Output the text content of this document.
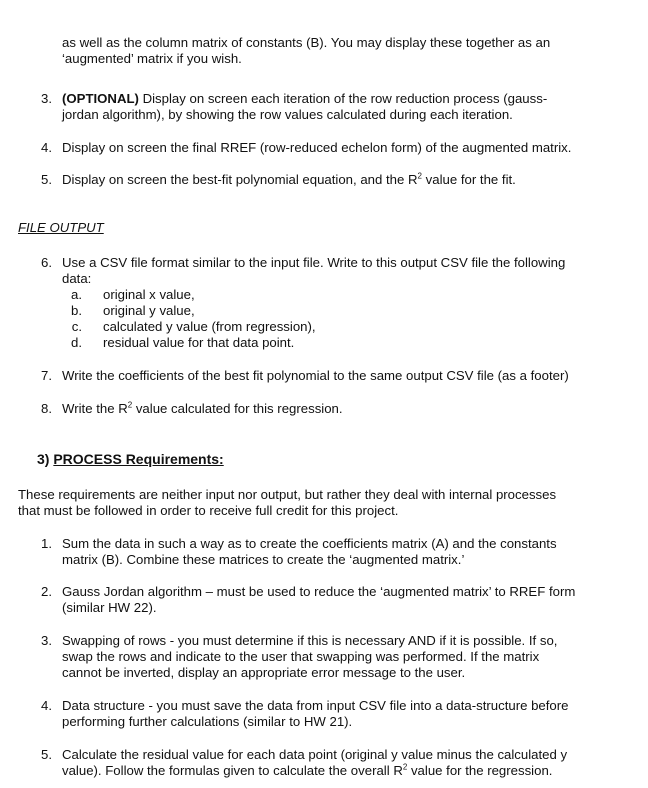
as well as the column matrix of constants (B). You may display these together as an
‘augmented’ matrix if you wish.
3. (OPTIONAL) Display on screen each iteration of the row reduction process (gauss-
jordan algorithm), by showing the row values calculated during each iteration.
4. Display on screen the final RREF (row-reduced echelon form) of the augmented matrix.
5. Display on screen the best-fit polynomial equation, and the $R^2$ value for the fit.
FILE OUTPUT
6. Use a CSV file format similar to the input file. Write to this output CSV file the following
data:
a. original x value,
b. original y value,
c. calculated y value (from regression),
d. residual value for that data point.
7. Write the coefficients of the best fit polynomial to the same output CSV file (as a footer)
8. Write the $R^2$ value calculated for this regression.
3) PROCESS Requirements:
These requirements are neither input nor output, but rather they deal with internal processes
that must be followed in order to receive full credit for this project.
1. Sum the data in such a way as to create the coefficients matrix (A) and the constants
matrix (B). Combine these matrices to create the ‘augmented matrix.’
2. Gauss Jordan algorithm – must be used to reduce the ‘augmented matrix’ to RREF form
(similar HW 22).
3. Swapping of rows - you must determine if this is necessary AND if it is possible. If so,
swap the rows and indicate to the user that swapping was performed. If the matrix
cannot be inverted, display an appropriate error message to the user.
4. Data structure - you must save the data from input CSV file into a data-structure before
performing further calculations (similar to HW 21).
5. Calculate the residual value for each data point (original y value minus the calculated y
value). Follow the formulas given to calculate the overall $R^2$ value for the regression.
